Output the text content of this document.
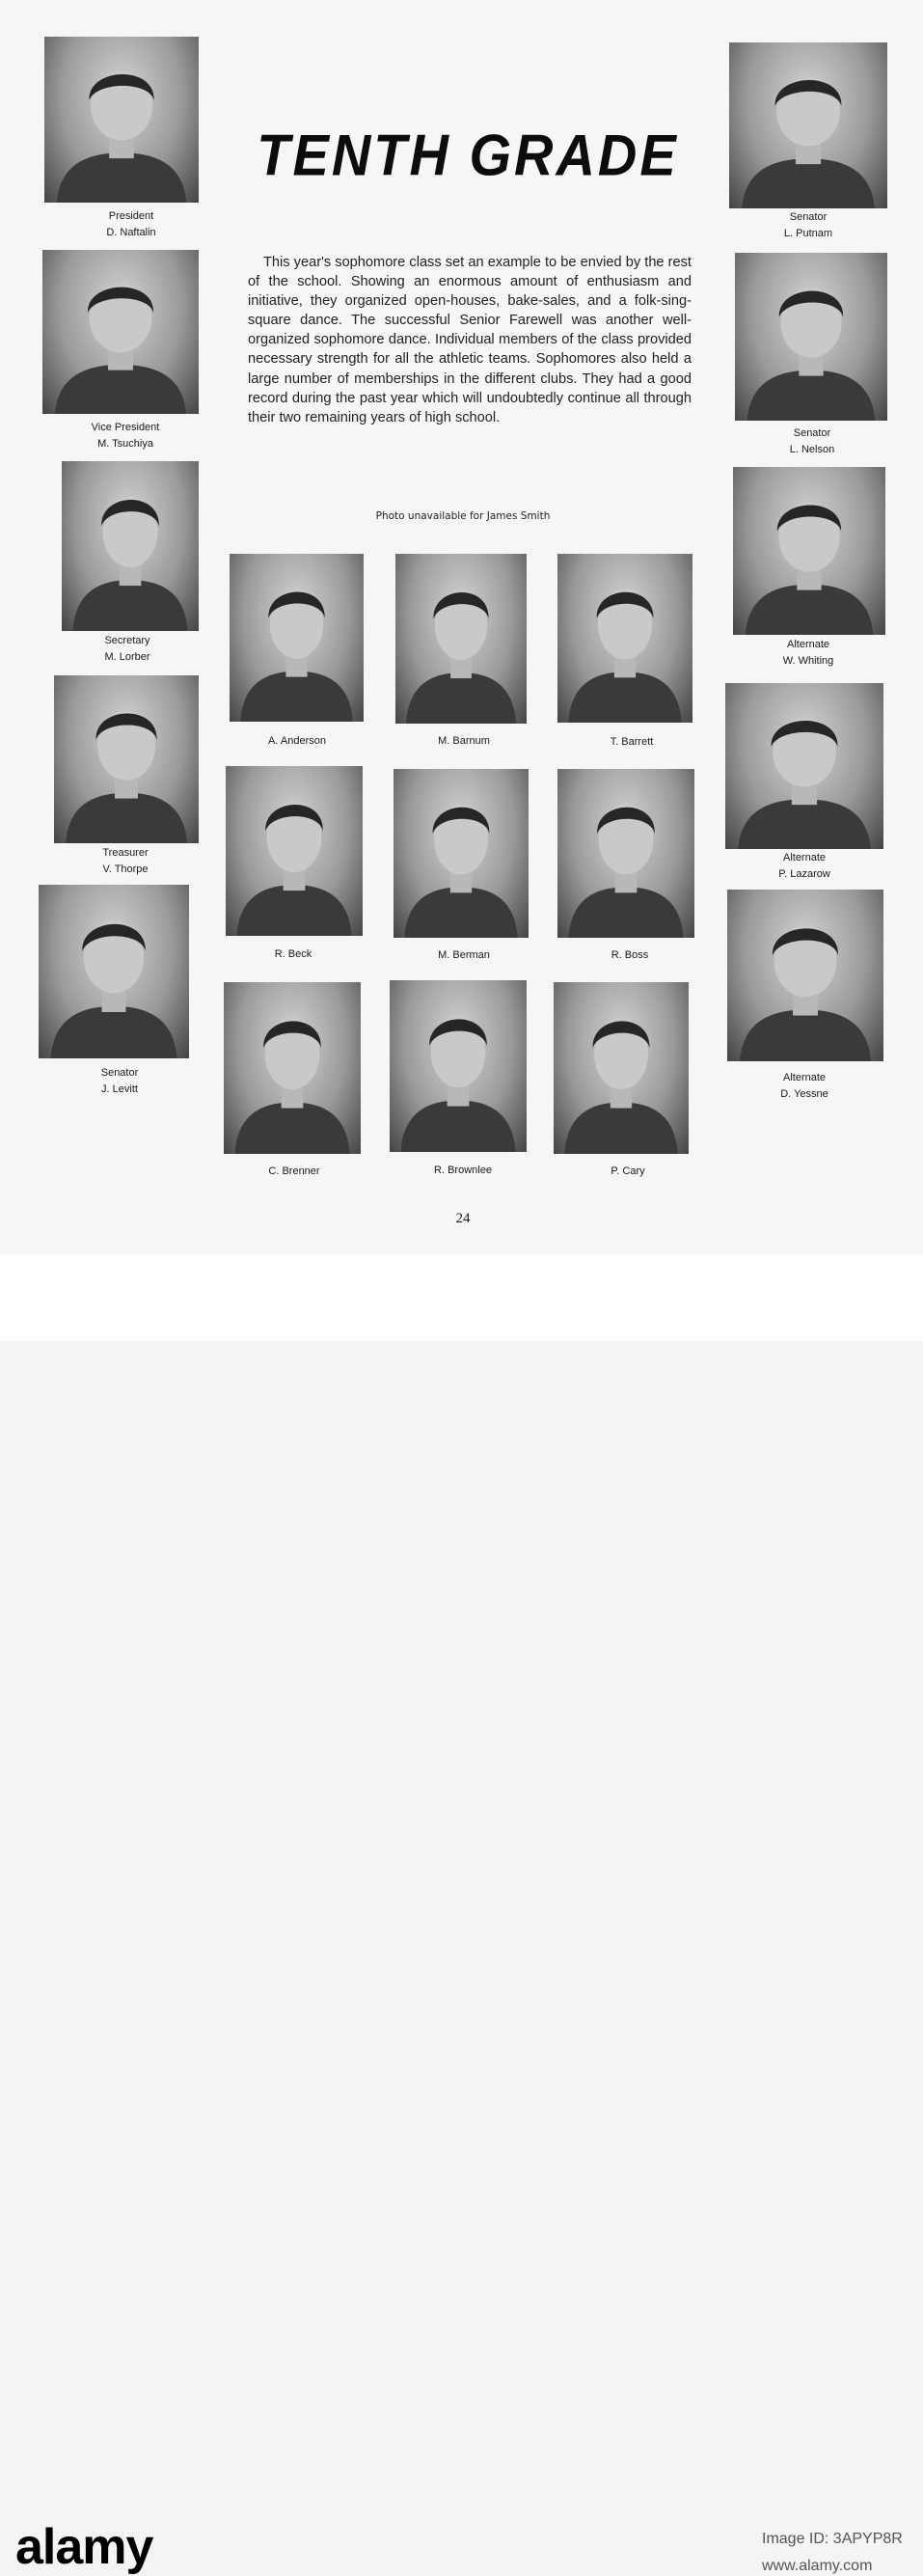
TENTH GRADE
This year's sophomore class set an example to be envied by the rest of the school. Showing an enormous amount of enthusiasm and initiative, they organized open-houses, bake-sales, and a folk-sing-square dance. The successful Senior Farewell was another well-organized sophomore dance. Individual members of the class provided necessary strength for all the athletic teams. Sophomores also held a large number of memberships in the different clubs. They had a good record during the past year which will undoubtedly continue all through their two remaining years of high school.
Photo unavailable for James Smith
President
D. Naftalin
Vice President
M. Tsuchiya
Secretary
M. Lorber
Treasurer
V. Thorpe
Senator
J. Levitt
Senator
L. Putnam
Senator
L. Nelson
Alternate
W. Whiting
Alternate
P. Lazarow
Alternate
D. Yessne
A. Anderson	M. Barnum	T. Barrett
R. Beck	M. Berman	R. Boss
C. Brenner	R. Brownlee	P. Cary
24
alamy	Image ID: 3APYP8R
www.alamy.com
